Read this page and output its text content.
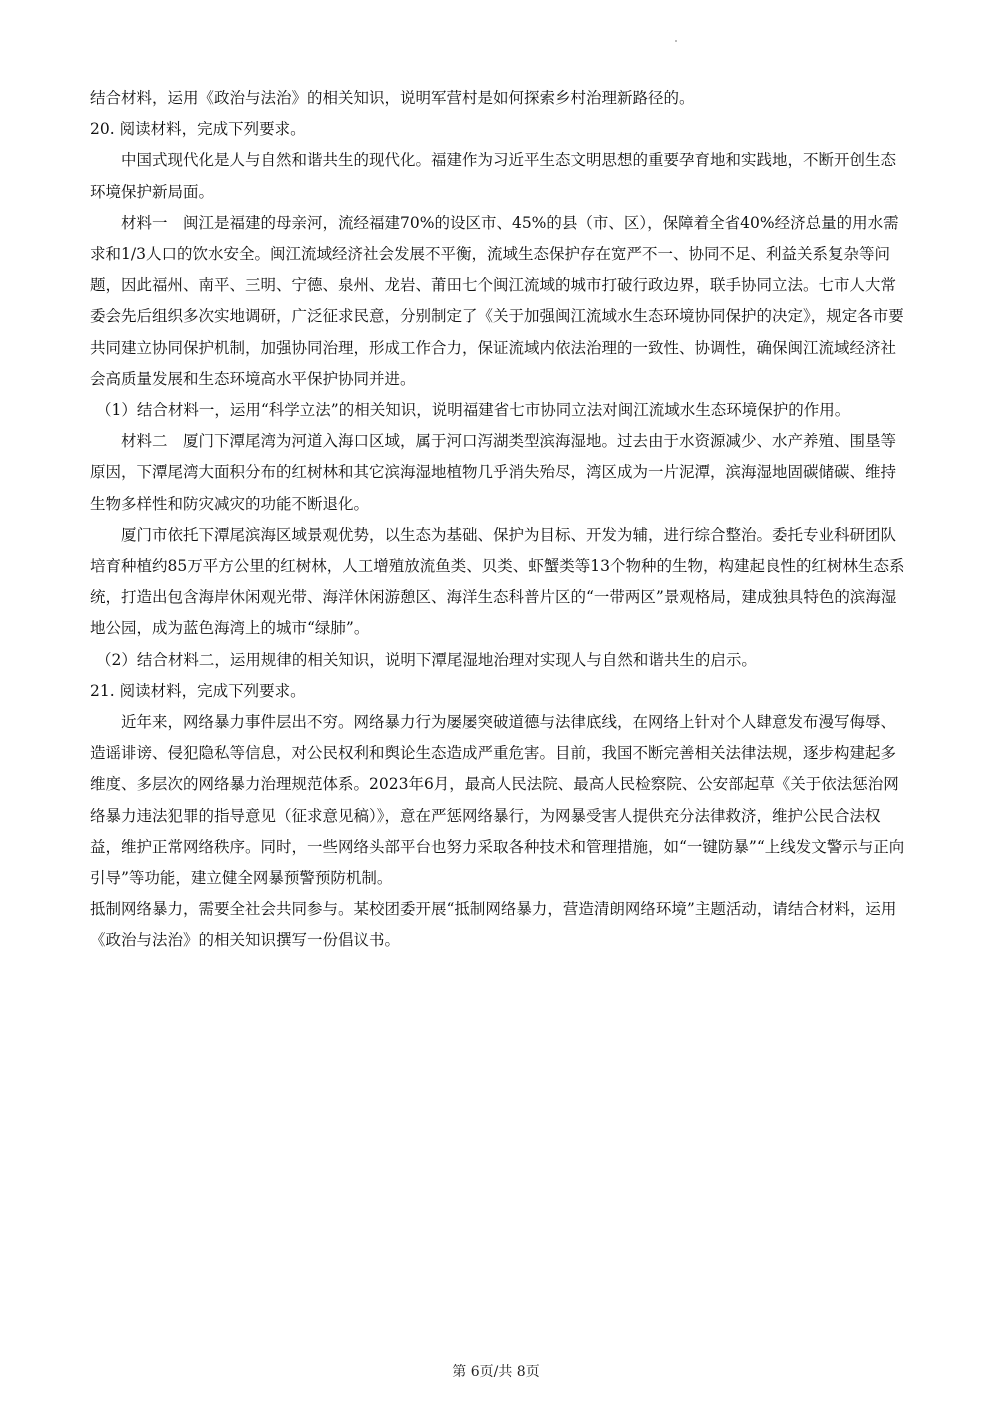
结合材料，运用《政治与法治》的相关知识，说明军营村是如何探索乡村治理新路径的。

20. 阅读材料，完成下列要求。

中国式现代化是人与自然和谐共生的现代化。福建作为习近平生态文明思想的重要孕育地和实践地，不断开创生态环境保护新局面。

材料一　闽江是福建的母亲河，流经福建70%的设区市、45%的县（市、区），保障着全省40%经济总量的用水需求和1/3人口的饮水安全。闽江流域经济社会发展不平衡，流域生态保护存在宽严不一、协同不足、利益关系复杂等问题，因此福州、南平、三明、宁德、泉州、龙岩、莆田七个闽江流域的城市打破行政边界，联手协同立法。七市人大常委会先后组织多次实地调研，广泛征求民意，分别制定了《关于加强闽江流域水生态环境协同保护的决定》，规定各市要共同建立协同保护机制，加强协同治理，形成工作合力，保证流域内依法治理的一致性、协调性，确保闽江流域经济社会高质量发展和生态环境高水平保护协同并进。

（1）结合材料一，运用“科学立法”的相关知识，说明福建省七市协同立法对闽江流域水生态环境保护的作用。

材料二　厦门下潭尾湾为河道入海口区域，属于河口泻湖类型滨海湿地。过去由于水资源减少、水产养殖、围垦等原因，下潭尾湾大面积分布的红树林和其它滨海湿地植物几乎消失殆尽，湾区成为一片泥潭，滨海湿地固碳储碳、维持生物多样性和防灾减灾的功能不断退化。

厦门市依托下潭尾滨海区域景观优势，以生态为基础、保护为目标、开发为辅，进行综合整治。委托专业科研团队培育种植约85万平方公里的红树林，人工增殖放流鱼类、贝类、虾蟹类等13个物种的生物，构建起良性的红树林生态系统，打造出包含海岸休闲观光带、海洋休闲游憩区、海洋生态科普片区的“一带两区”景观格局，建成独具特色的滨海湿地公园，成为蓝色海湾上的城市“绿肺”。

（2）结合材料二，运用规律的相关知识，说明下潭尾湿地治理对实现人与自然和谐共生的启示。

21. 阅读材料，完成下列要求。

近年来，网络暴力事件层出不穷。网络暴力行为屡屡突破道德与法律底线，在网络上针对个人肆意发布漫写侮辱、造谣诽谤、侵犯隐私等信息，对公民权利和舆论生态造成严重危害。目前，我国不断完善相关法律法规，逐步构建起多维度、多层次的网络暴力治理规范体系。2023年6月，最高人民法院、最高人民检察院、公安部起草《关于依法惩治网络暴力违法犯罪的指导意见（征求意见稿）》，意在严惩网络暴行，为网暴受害人提供充分法律救济，维护公民合法权益，维护正常网络秩序。同时，一些网络头部平台也努力采取各种技术和管理措施，如“一键防暴”“上线发文警示与正向引导”等功能，建立健全网暴预警预防机制。

抵制网络暴力，需要全社会共同参与。某校团委开展“抵制网络暴力，营造清朗网络环境”主题活动，请结合材料，运用《政治与法治》的相关知识撰写一份倡议书。

第 6页/共 8页
